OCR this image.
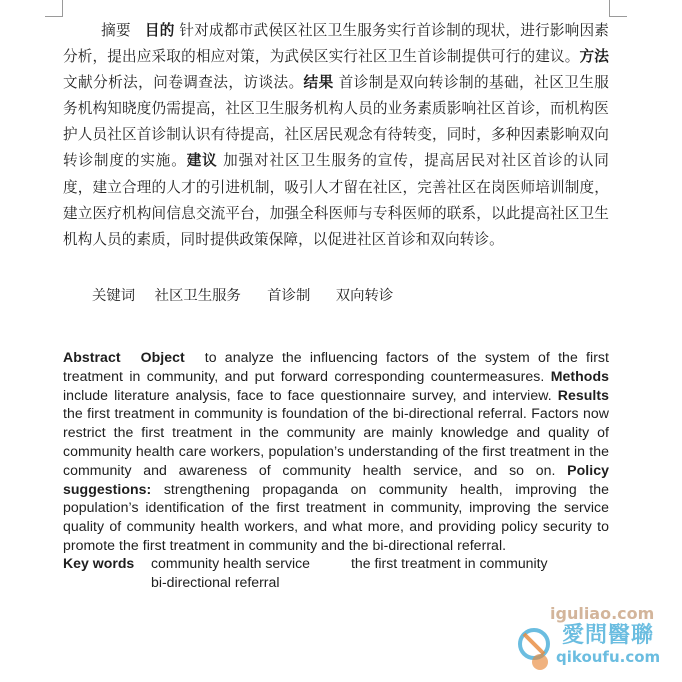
摘要 目的 针对成都市武侯区社区卫生服务实行首诊制的现状，进行影响因素分析，提出应采取的相应对策，为武侯区实行社区卫生首诊制提供可行的建议。方法 文献分析法，问卷调查法，访谈法。结果 首诊制是双向转诊制的基础，社区卫生服务机构知晓度仍需提高，社区卫生服务机构人员的业务素质影响社区首诊，而机构医护人员社区首诊制认识有待提高，社区居民观念有待转变，同时，多种因素影响双向转诊制度的实施。建议 加强对社区卫生服务的宣传，提高居民对社区首诊的认同度，建立合理的人才的引进机制，吸引人才留在社区，完善社区在岗医师培训制度，建立医疗机构间信息交流平台，加强全科医师与专科医师的联系，以此提高社区卫生机构人员的素质，同时提供政策保障，以促进社区首诊和双向转诊。
关键词 社区卫生服务 首诊制 双向转诊
Abstract Object to analyze the influencing factors of the system of the first treatment in community, and put forward corresponding countermeasures. Methods include literature analysis, face to face questionnaire survey, and interview. Results the first treatment in community is foundation of the bi-directional referral. Factors now restrict the first treatment in the community are mainly knowledge and quality of community health care workers, population’s understanding of the first treatment in the community and awareness of community health service, and so on. Policy suggestions: strengthening propaganda on community health, improving the population’s identification of the first treatment in community, improving the service quality of community health workers, and what more, and providing policy security to promote the first treatment in community and the bi-directional referral.
Key words community health service	the first treatment in community
bi-directional referral
iguliao.com
愛問醫聯
qikoufu.com
